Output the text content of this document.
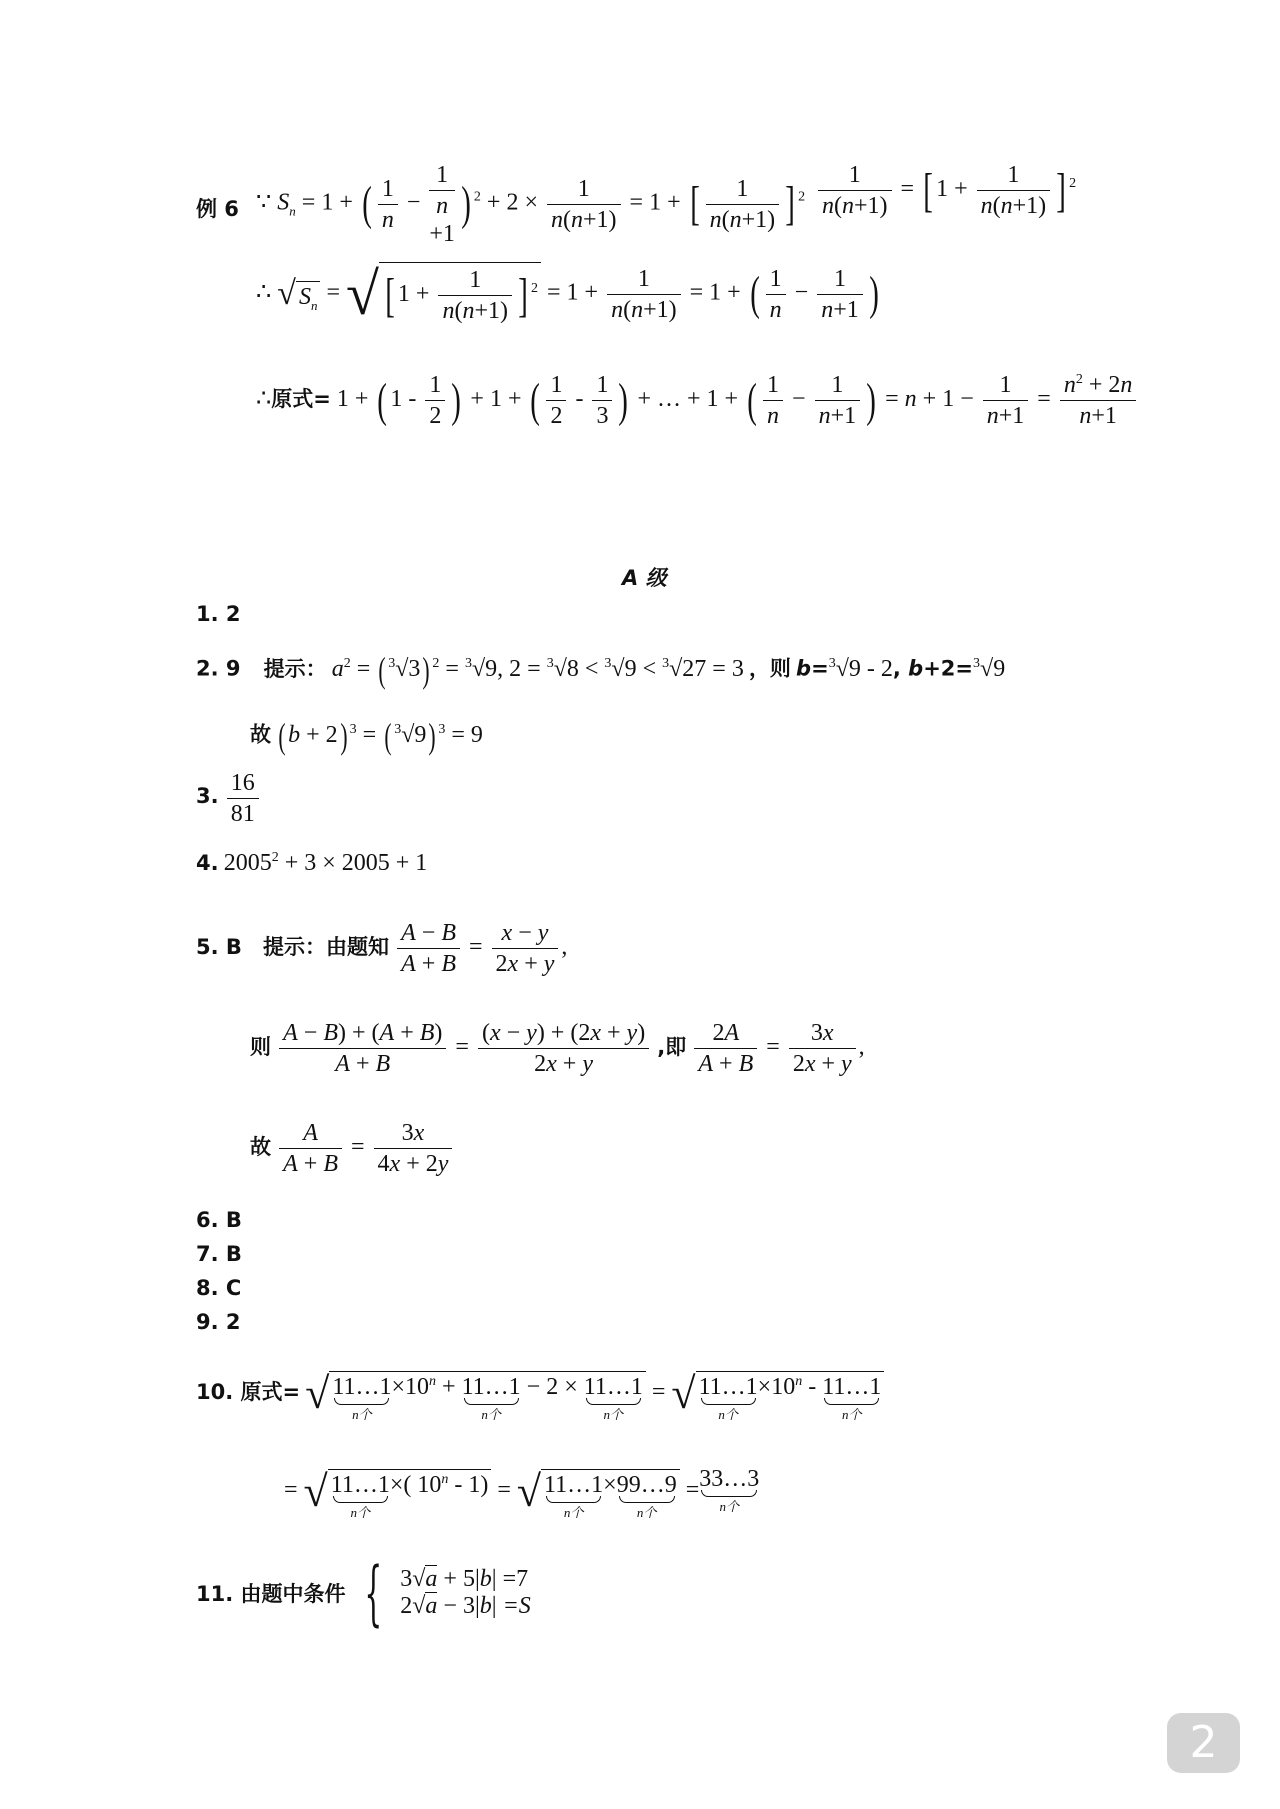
例 6 ∵ $S_n = 1$ + ( $\frac{1}{n}$ −
1
n
+1) $^2 + 2 \times \frac{1}{n(n+1)} = 1$ + [ $\frac{1}{n(n+1)}$ ] $^2 \frac{1}{n(n+1)}$ = [ $1 + \frac{1}{n(n+1)}$ ] $^2$
∴ √ $S_n$ = √ [ $1 + \frac{1}{n(n+1)}$ ] $^2 = 1 + \frac{1}{n(n+1)} = 1$ + ( $\frac{1}{n} - \frac{1}{n+1}$ )
∴原式= 1 + ( $1 - \frac{1}{2}$ ) + 1 + ( $\frac{1}{2} - \frac{1}{3}$ ) + … + 1 + ( $\frac{1}{n} - \frac{1}{n+1}$ ) = $n + 1 - \frac{1}{n+1} = \frac{n^2 + 2n}{n+1}$
A 级
1. 2
2. 9 提示： $a^2$ = ( $^3$√3) $^2$ = $^3$√9, 2 = $^3$√8 < $^3$√9 < $^3$√27 = 3 ，则 b=$^3$√9 - 2, b+2=$^3$√9
故 (b + 2) $^3$ = ( $^3$√9) $^3$ = 9
3. $\frac{16}{81}$
4. $2005^2 + 3 \times 2005 + 1$
5. B 提示：由题知 $\frac{A - B}{A + B} = \frac{x - y}{2x + y}$ ,
则 $\frac{A - B) + (A + B)}{A + B} = \frac{(x - y) + (2x + y)}{2x + y}$ ,即 $\frac{2A}{A + B} = \frac{3x}{2x + y}$ ,
故 $\frac{A}{A + B} = \frac{3x}{4x + 2y}$
6. B
7. B
8. C
9. 2
10. 原式= √ 11…1
n个
$\times 10^n$ + 11…1
n个
− 2 × 11…1
n个
= √ 11…1
n个
$\times 10^n$ - 11…1
n个
= √ 11…1
n个
×( 10$^n$ - 1) = √ 11…1
n个
×99…9
n个
=33…3
n个
11. 由题中条件 { 3√a + 5|b| =7
2√a − 3|b| =S
2
